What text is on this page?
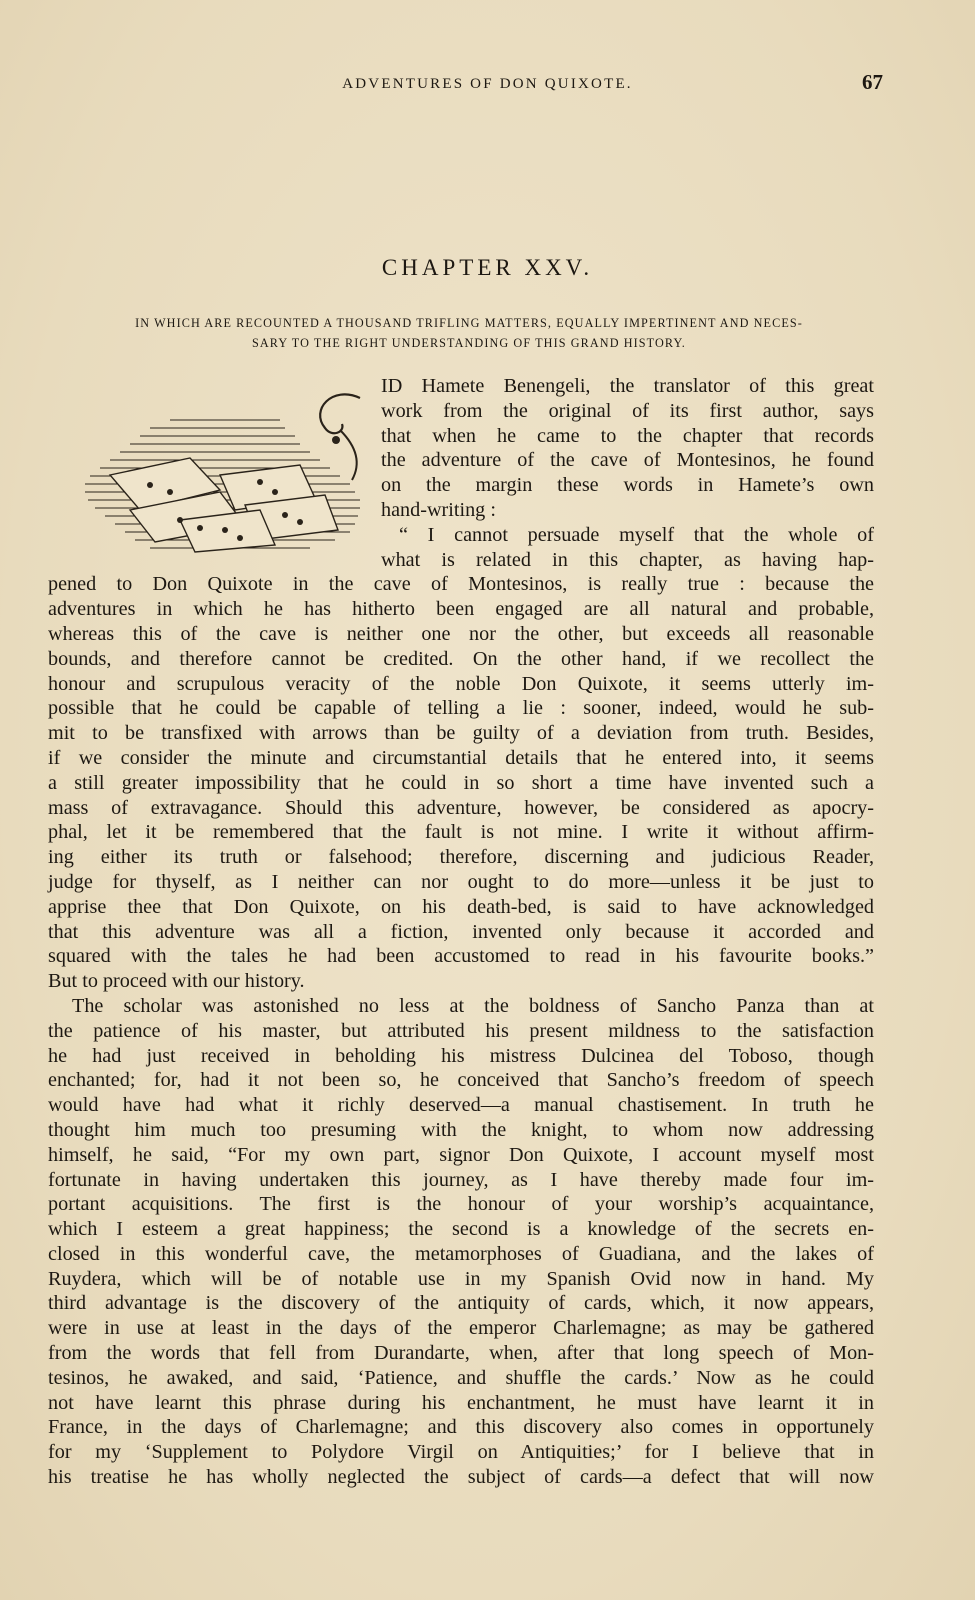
ADVENTURES OF DON QUIXOTE.	67
CHAPTER XXV.
IN WHICH ARE RECOUNTED A THOUSAND TRIFLING MATTERS, EQUALLY IMPERTINENT AND NECES-
SARY TO THE RIGHT UNDERSTANDING OF THIS GRAND HISTORY.
ID Hamete Benengeli, the translator of this great
work from the original of its first author, says
that when he came to the chapter that records
the adventure of the cave of Montesinos, he found
on the margin these words in Hamete’s own
hand-writing :
“ I cannot persuade myself that the whole of
what is related in this chapter, as having hap-
pened to Don Quixote in the cave of Montesinos, is really true : because the
adventures in which he has hitherto been engaged are all natural and probable,
whereas this of the cave is neither one nor the other, but exceeds all reasonable
bounds, and therefore cannot be credited. On the other hand, if we recollect the
honour and scrupulous veracity of the noble Don Quixote, it seems utterly im-
possible that he could be capable of telling a lie : sooner, indeed, would he sub-
mit to be transfixed with arrows than be guilty of a deviation from truth. Besides,
if we consider the minute and circumstantial details that he entered into, it seems
a still greater impossibility that he could in so short a time have invented such a
mass of extravagance. Should this adventure, however, be considered as apocry-
phal, let it be remembered that the fault is not mine. I write it without affirm-
ing either its truth or falsehood; therefore, discerning and judicious Reader,
judge for thyself, as I neither can nor ought to do more—unless it be just to
apprise thee that Don Quixote, on his death-bed, is said to have acknowledged
that this adventure was all a fiction, invented only because it accorded and
squared with the tales he had been accustomed to read in his favourite books.”
But to proceed with our history.
The scholar was astonished no less at the boldness of Sancho Panza than at
the patience of his master, but attributed his present mildness to the satisfaction
he had just received in beholding his mistress Dulcinea del Toboso, though
enchanted; for, had it not been so, he conceived that Sancho’s freedom of speech
would have had what it richly deserved—a manual chastisement. In truth he
thought him much too presuming with the knight, to whom now addressing
himself, he said, “For my own part, signor Don Quixote, I account myself most
fortunate in having undertaken this journey, as I have thereby made four im-
portant acquisitions. The first is the honour of your worship’s acquaintance,
which I esteem a great happiness; the second is a knowledge of the secrets en-
closed in this wonderful cave, the metamorphoses of Guadiana, and the lakes of
Ruydera, which will be of notable use in my Spanish Ovid now in hand. My
third advantage is the discovery of the antiquity of cards, which, it now appears,
were in use at least in the days of the emperor Charlemagne; as may be gathered
from the words that fell from Durandarte, when, after that long speech of Mon-
tesinos, he awaked, and said, ‘Patience, and shuffle the cards.’ Now as he could
not have learnt this phrase during his enchantment, he must have learnt it in
France, in the days of Charlemagne; and this discovery also comes in opportunely
for my ‘Supplement to Polydore Virgil on Antiquities;’ for I believe that in
his treatise he has wholly neglected the subject of cards—a defect that will now
